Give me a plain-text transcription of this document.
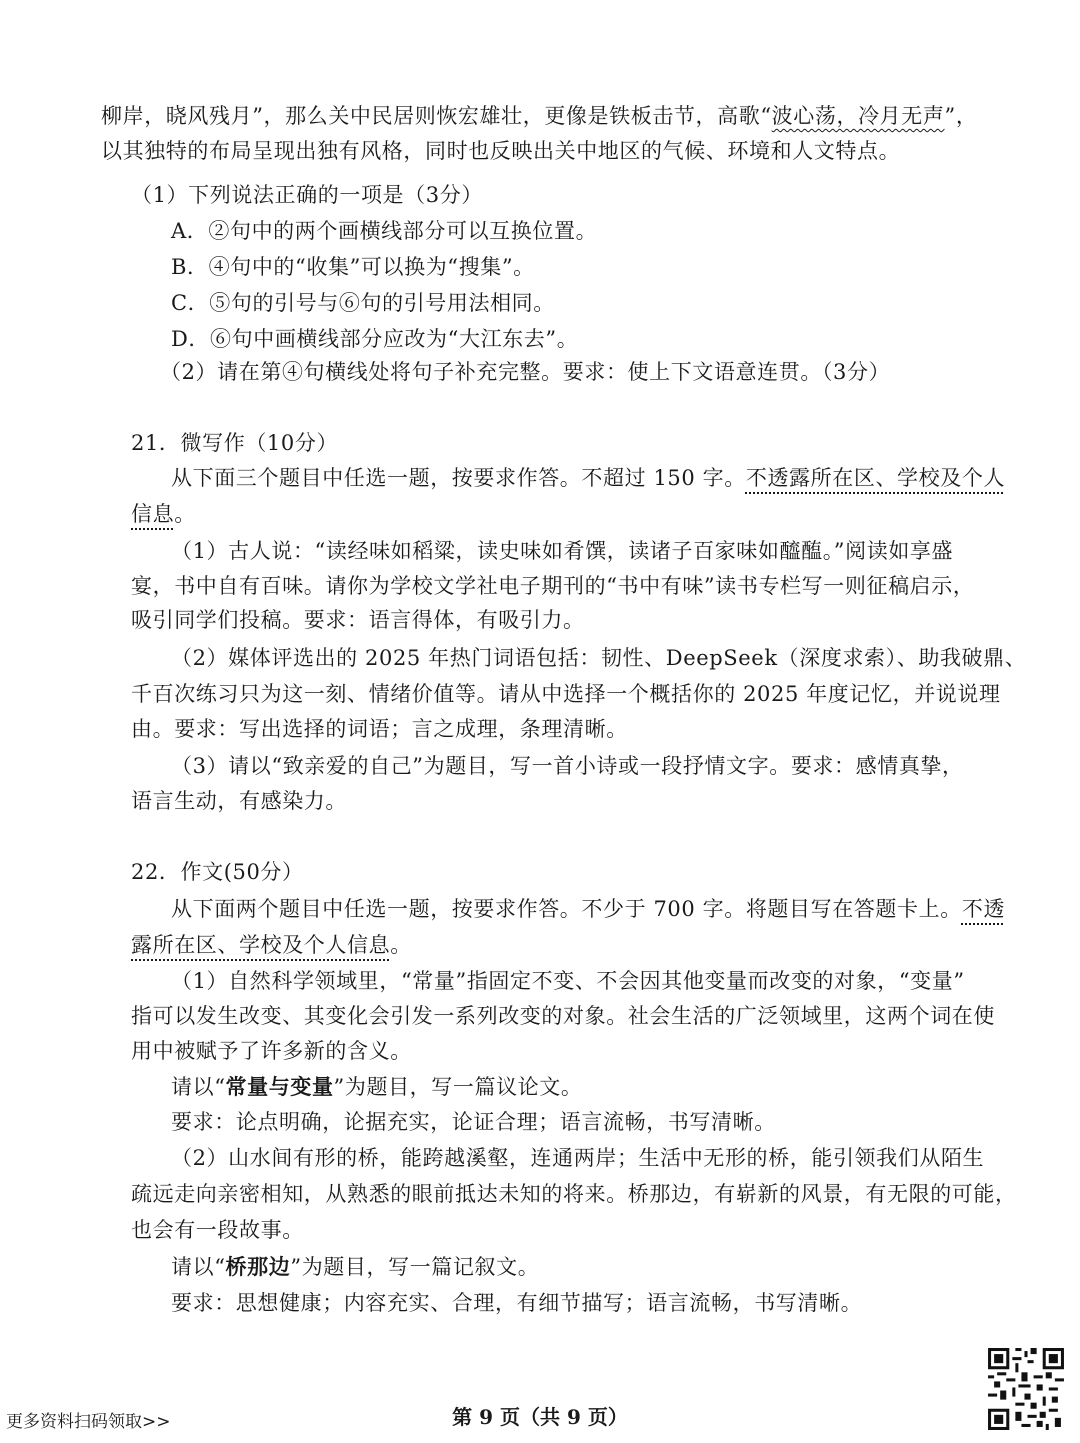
柳岸，晓风残月”，那么关中民居则恢宏雄壮，更像是铁板击节，高歌“波心荡，冷月无声”，
以其独特的布局呈现出独有风格，同时也反映出关中地区的气候、环境和人文特点。
（1）下列说法正确的一项是（3分）
A．②句中的两个画横线部分可以互换位置。
B．④句中的“收集”可以换为“搜集”。
C．⑤句的引号与⑥句的引号用法相同。
D．⑥句中画横线部分应改为“大江东去”。
（2）请在第④句横线处将句子补充完整。要求：使上下文语意连贯。（3分）
21．微写作（10分）
从下面三个题目中任选一题，按要求作答。不超过 150 字。不透露所在区、学校及个人
信息。
（1）古人说：“读经味如稻粱，读史味如肴馔，读诸子百家味如醯醢。”阅读如享盛
宴，书中自有百味。请你为学校文学社电子期刊的“书中有味”读书专栏写一则征稿启示，
吸引同学们投稿。要求：语言得体，有吸引力。
（2）媒体评选出的 2025 年热门词语包括：韧性、DeepSeek（深度求索）、助我破鼎、
千百次练习只为这一刻、情绪价值等。请从中选择一个概括你的 2025 年度记忆，并说说理
由。要求：写出选择的词语；言之成理，条理清晰。
（3）请以“致亲爱的自己”为题目，写一首小诗或一段抒情文字。要求：感情真挚，
语言生动，有感染力。
22．作文(50分）
从下面两个题目中任选一题，按要求作答。不少于 700 字。将题目写在答题卡上。不透
露所在区、学校及个人信息。
（1）自然科学领域里，“常量”指固定不变、不会因其他变量而改变的对象，“变量”
指可以发生改变、其变化会引发一系列改变的对象。社会生活的广泛领域里，这两个词在使
用中被赋予了许多新的含义。
请以“常量与变量”为题目，写一篇议论文。
要求：论点明确，论据充实，论证合理；语言流畅，书写清晰。
（2）山水间有形的桥，能跨越溪壑，连通两岸；生活中无形的桥，能引领我们从陌生
疏远走向亲密相知，从熟悉的眼前抵达未知的将来。桥那边，有崭新的风景，有无限的可能，
也会有一段故事。
请以“桥那边”为题目，写一篇记叙文。
要求：思想健康；内容充实、合理，有细节描写；语言流畅，书写清晰。
第 9 页（共 9 页）
更多资料扫码领取>>
